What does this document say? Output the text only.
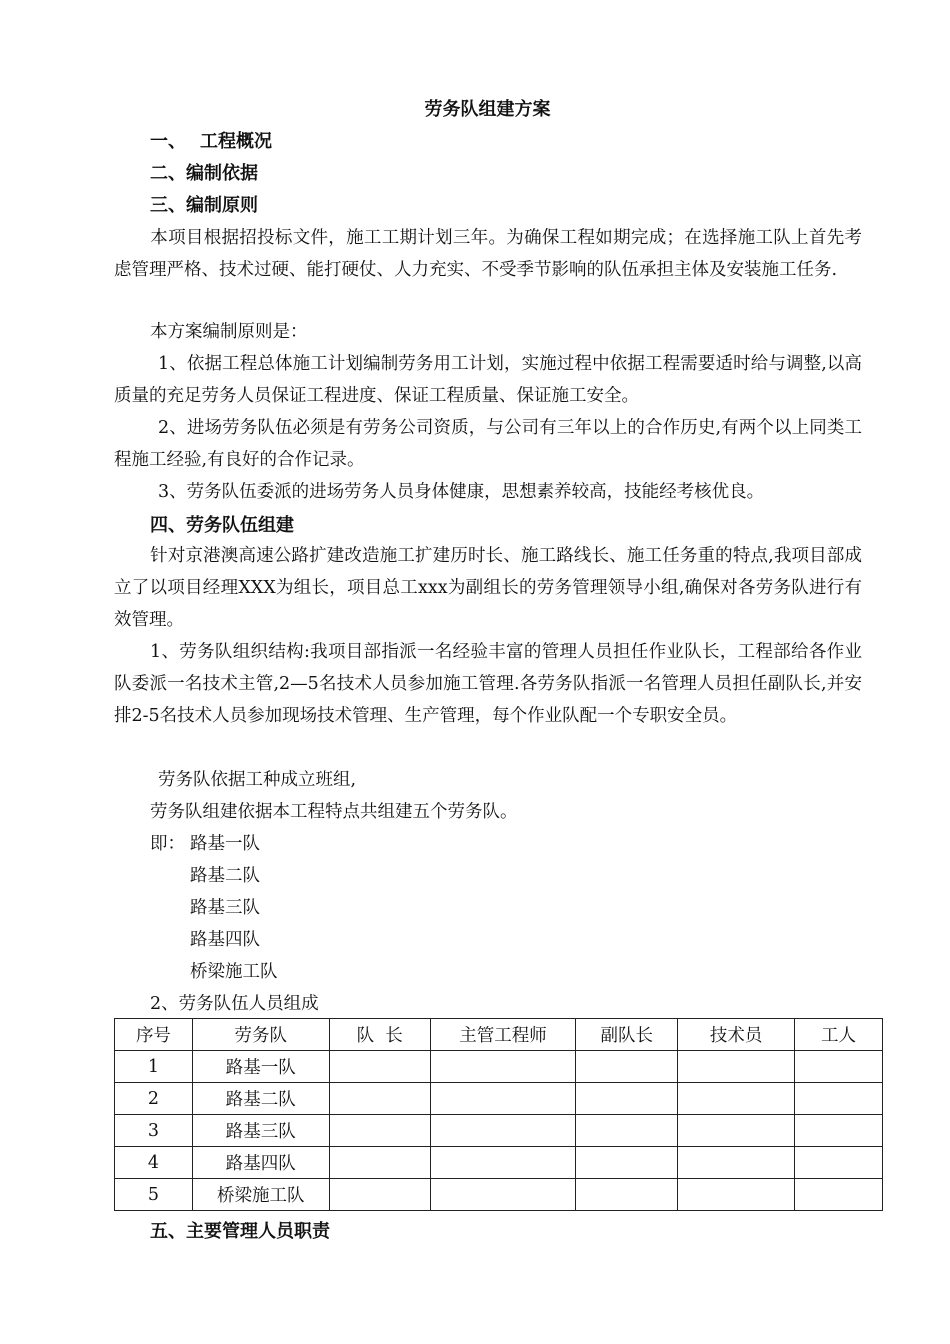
劳务队组建方案
一、 工程概况
二、编制依据
三、编制原则
本项目根据招投标文件，施工工期计划三年。为确保工程如期完成；在选择施工队上首先考虑管理严格、技术过硬、能打硬仗、人力充实、不受季节影响的队伍承担主体及安装施工任务.
本方案编制原则是：
1、依据工程总体施工计划编制劳务用工计划，实施过程中依据工程需要适时给与调整,以高质量的充足劳务人员保证工程进度、保证工程质量、保证施工安全。
2、进场劳务队伍必须是有劳务公司资质，与公司有三年以上的合作历史,有两个以上同类工程施工经验,有良好的合作记录。
3、劳务队伍委派的进场劳务人员身体健康，思想素养较高，技能经考核优良。
四、劳务队伍组建
针对京港澳高速公路扩建改造施工扩建历时长、施工路线长、施工任务重的特点,我项目部成立了以项目经理XXX为组长，项目总工xxx为副组长的劳务管理领导小组,确保对各劳务队进行有效管理。
1、劳务队组织结构:我项目部指派一名经验丰富的管理人员担任作业队长，工程部给各作业队委派一名技术主管,2—5名技术人员参加施工管理.各劳务队指派一名管理人员担任副队长,并安排2-5名技术人员参加现场技术管理、生产管理，每个作业队配一个专职安全员。
劳务队依据工种成立班组,
劳务队组建依据本工程特点共组建五个劳务队。
即： 路基一队
路基二队
路基三队
路基四队
桥梁施工队
2、劳务队伍人员组成
序号	劳务队	队  长	主管工程师	副队长	技术员	工人
1	路基一队					
2	路基二队					
3	路基三队					
4	路基四队					
5	桥梁施工队					
五、主要管理人员职责
